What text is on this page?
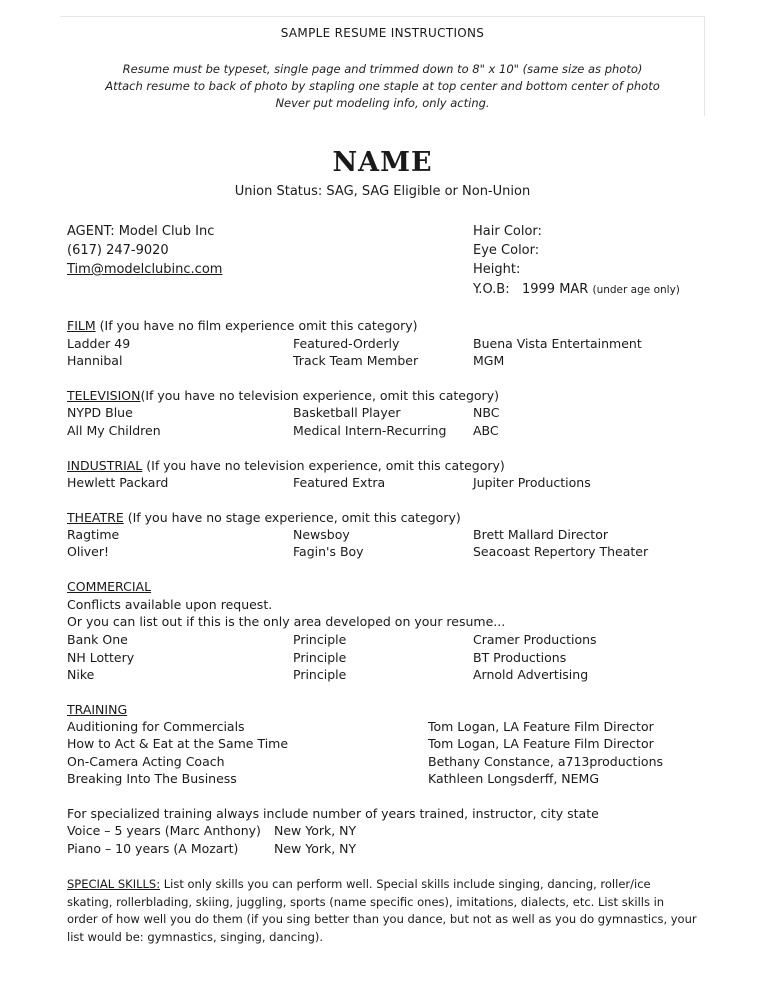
SAMPLE RESUME INSTRUCTIONS
Resume must be typeset, single page and trimmed down to 8" x 10" (same size as photo)
Attach resume to back of photo by stapling one staple at top center and bottom center of photo
Never put modeling info, only acting.
NAME
Union Status: SAG, SAG Eligible or Non-Union
AGENT: Model Club Inc
(617) 247-9020
Tim@modelclubinc.com
Hair Color:
Eye Color:
Height:
Y.O.B: 1999 MAR (under age only)
FILM (If you have no film experience omit this category)
Ladder 49	Featured-Orderly	Buena Vista Entertainment
Hannibal	Track Team Member	MGM
TELEVISION(If you have no television experience, omit this category)
NYPD Blue	Basketball Player	NBC
All My Children	Medical Intern-Recurring ABC
INDUSTRIAL (If you have no television experience, omit this category)
Hewlett Packard	Featured Extra	Jupiter Productions
THEATRE (If you have no stage experience, omit this category)
Ragtime	Newsboy	Brett Mallard Director
Oliver!	Fagin's Boy	Seacoast Repertory Theater
COMMERCIAL
Conflicts available upon request.
Or you can list out if this is the only area developed on your resume...
Bank One	Principle	Cramer Productions
NH Lottery	Principle	BT Productions
Nike	Principle	Arnold Advertising
TRAINING
Auditioning for Commercials	Tom Logan, LA Feature Film Director
How to Act & Eat at the Same Time	Tom Logan, LA Feature Film Director
On-Camera Acting Coach	Bethany Constance, a713productions
Breaking Into The Business	Kathleen Longsderff, NEMG
For specialized training always include number of years trained, instructor, city state
Voice – 5 years (Marc Anthony) New York, NY
Piano – 10 years (A Mozart)	New York, NY
SPECIAL SKILLS: List only skills you can perform well. Special skills include singing, dancing, roller/ice skating, rollerblading, skiing, juggling, sports (name specific ones), imitations, dialects, etc. List skills in order of how well you do them (if you sing better than you dance, but not as well as you do gymnastics, your list would be: gymnastics, singing, dancing).
